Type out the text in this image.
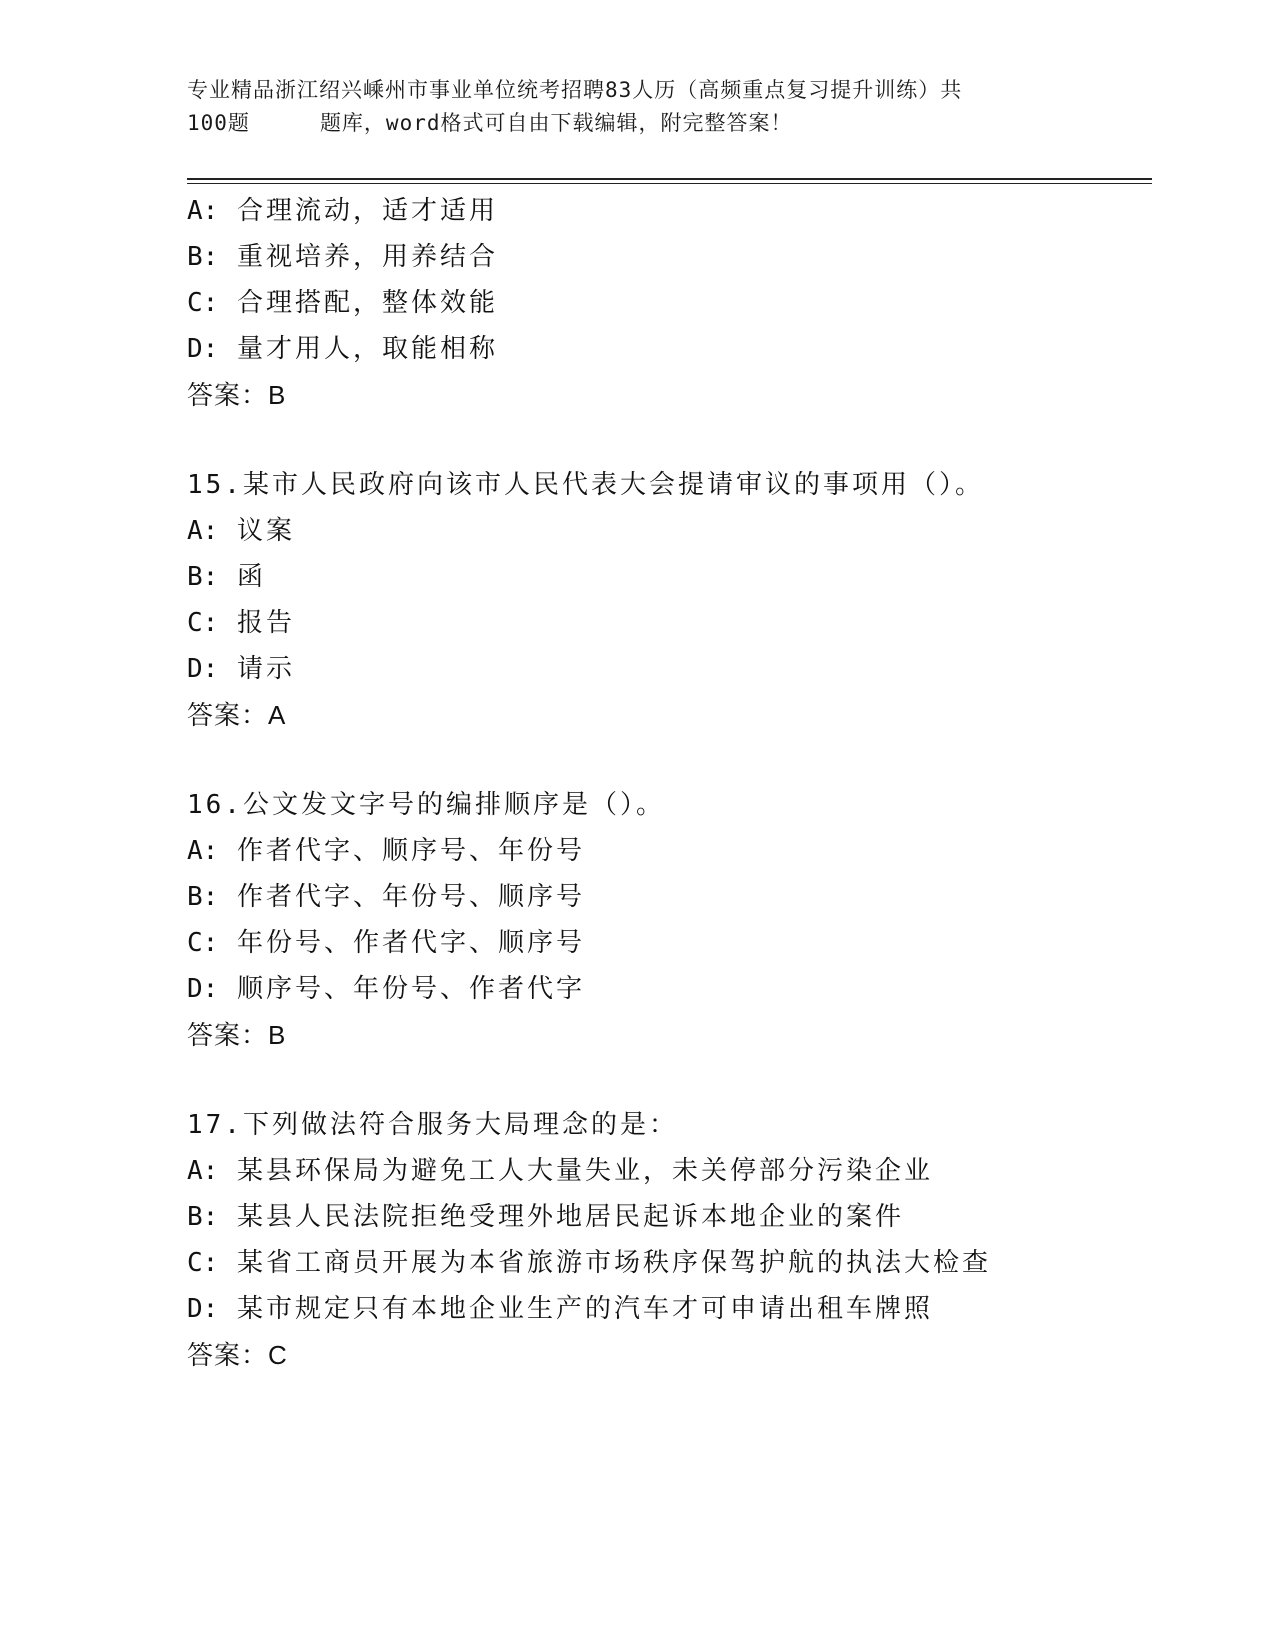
专业精品浙江绍兴嵊州市事业单位统考招聘83人历（高频重点复习提升训练）共
100题	题库，word格式可自由下载编辑，附完整答案！
A: 合理流动，适才适用
B: 重视培养，用养结合
C: 合理搭配，整体效能
D: 量才用人，取能相称
答案：B
15.某市人民政府向该市人民代表大会提请审议的事项用（）。
A: 议案
B: 函
C: 报告
D: 请示
答案：A
16.公文发文字号的编排顺序是（）。
A: 作者代字、顺序号、年份号
B: 作者代字、年份号、顺序号
C: 年份号、作者代字、顺序号
D: 顺序号、年份号、作者代字
答案：B
17.下列做法符合服务大局理念的是：
A: 某县环保局为避免工人大量失业，未关停部分污染企业
B: 某县人民法院拒绝受理外地居民起诉本地企业的案件
C: 某省工商员开展为本省旅游市场秩序保驾护航的执法大检查
D: 某市规定只有本地企业生产的汽车才可申请出租车牌照
答案：C
